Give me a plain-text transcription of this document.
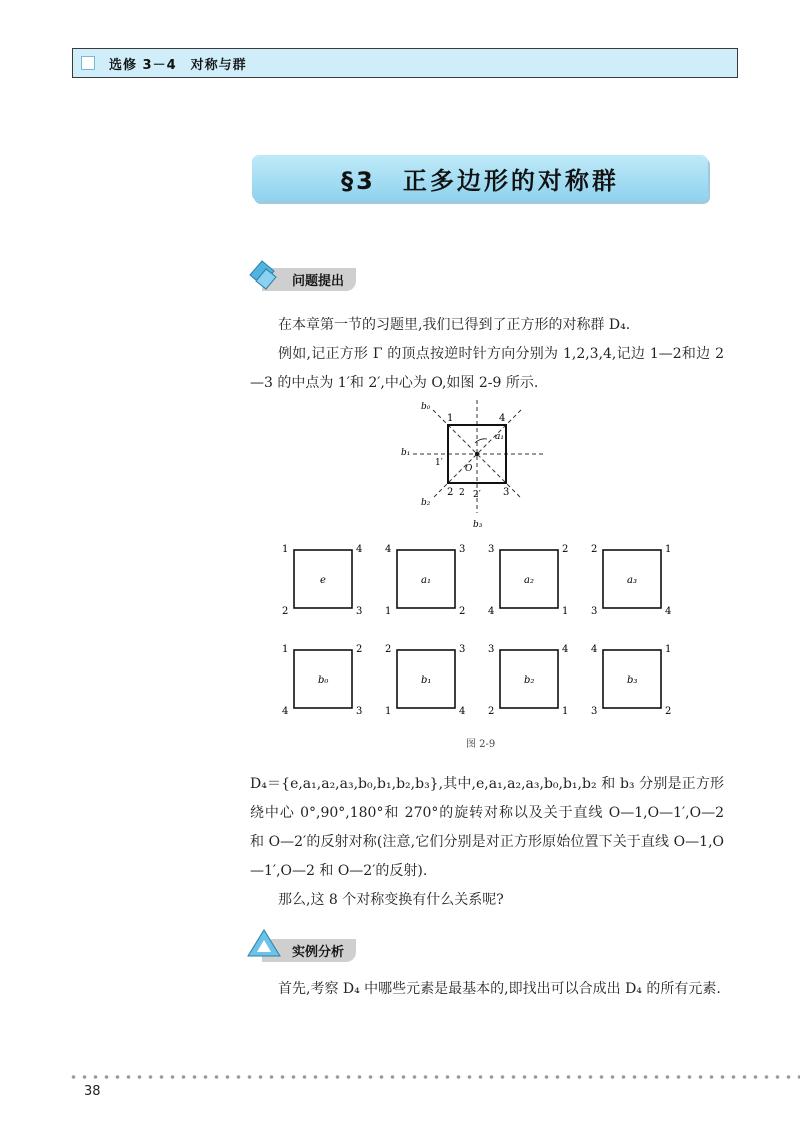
选修 3－4　对称与群
§3　正多边形的对称群
问题提出

在本章第一节的习题里,我们已得到了正方形的对称群 D₄.

例如,记正方形 Γ 的顶点按逆时针方向分别为 1,2,3,4,记边 1—2和边 2—3 的中点为 1′和 2′,中心为 O,如图 2-9 所示.

1	4
3
2
b₀
b₁
b₂
b₃
1′
O
2′
2
a₁
1	4
2	3
e
4	3
1	2
a₁
3	2
4	1
a₂
2	1
3	4
a₃
1	2
4	3
b₀
2	3
1	4
b₁
3	4
2	1
b₂
4	1
3	2
b₃
图 2-9

D₄＝{e,a₁,a₂,a₃,b₀,b₁,b₂,b₃},其中,e,a₁,a₂,a₃,b₀,b₁,b₂ 和 b₃ 分别是正方形绕中心 0°,90°,180°和 270°的旋转对称以及关于直线 O—1,O—1′,O—2 和 O—2′的反射对称(注意,它们分别是对正方形原始位置下关于直线 O—1,O—1′,O—2 和 O—2′的反射).

那么,这 8 个对称变换有什么关系呢?

实例分析

首先,考察 D₄ 中哪些元素是最基本的,即找出可以合成出 D₄ 的所有元素.

38
